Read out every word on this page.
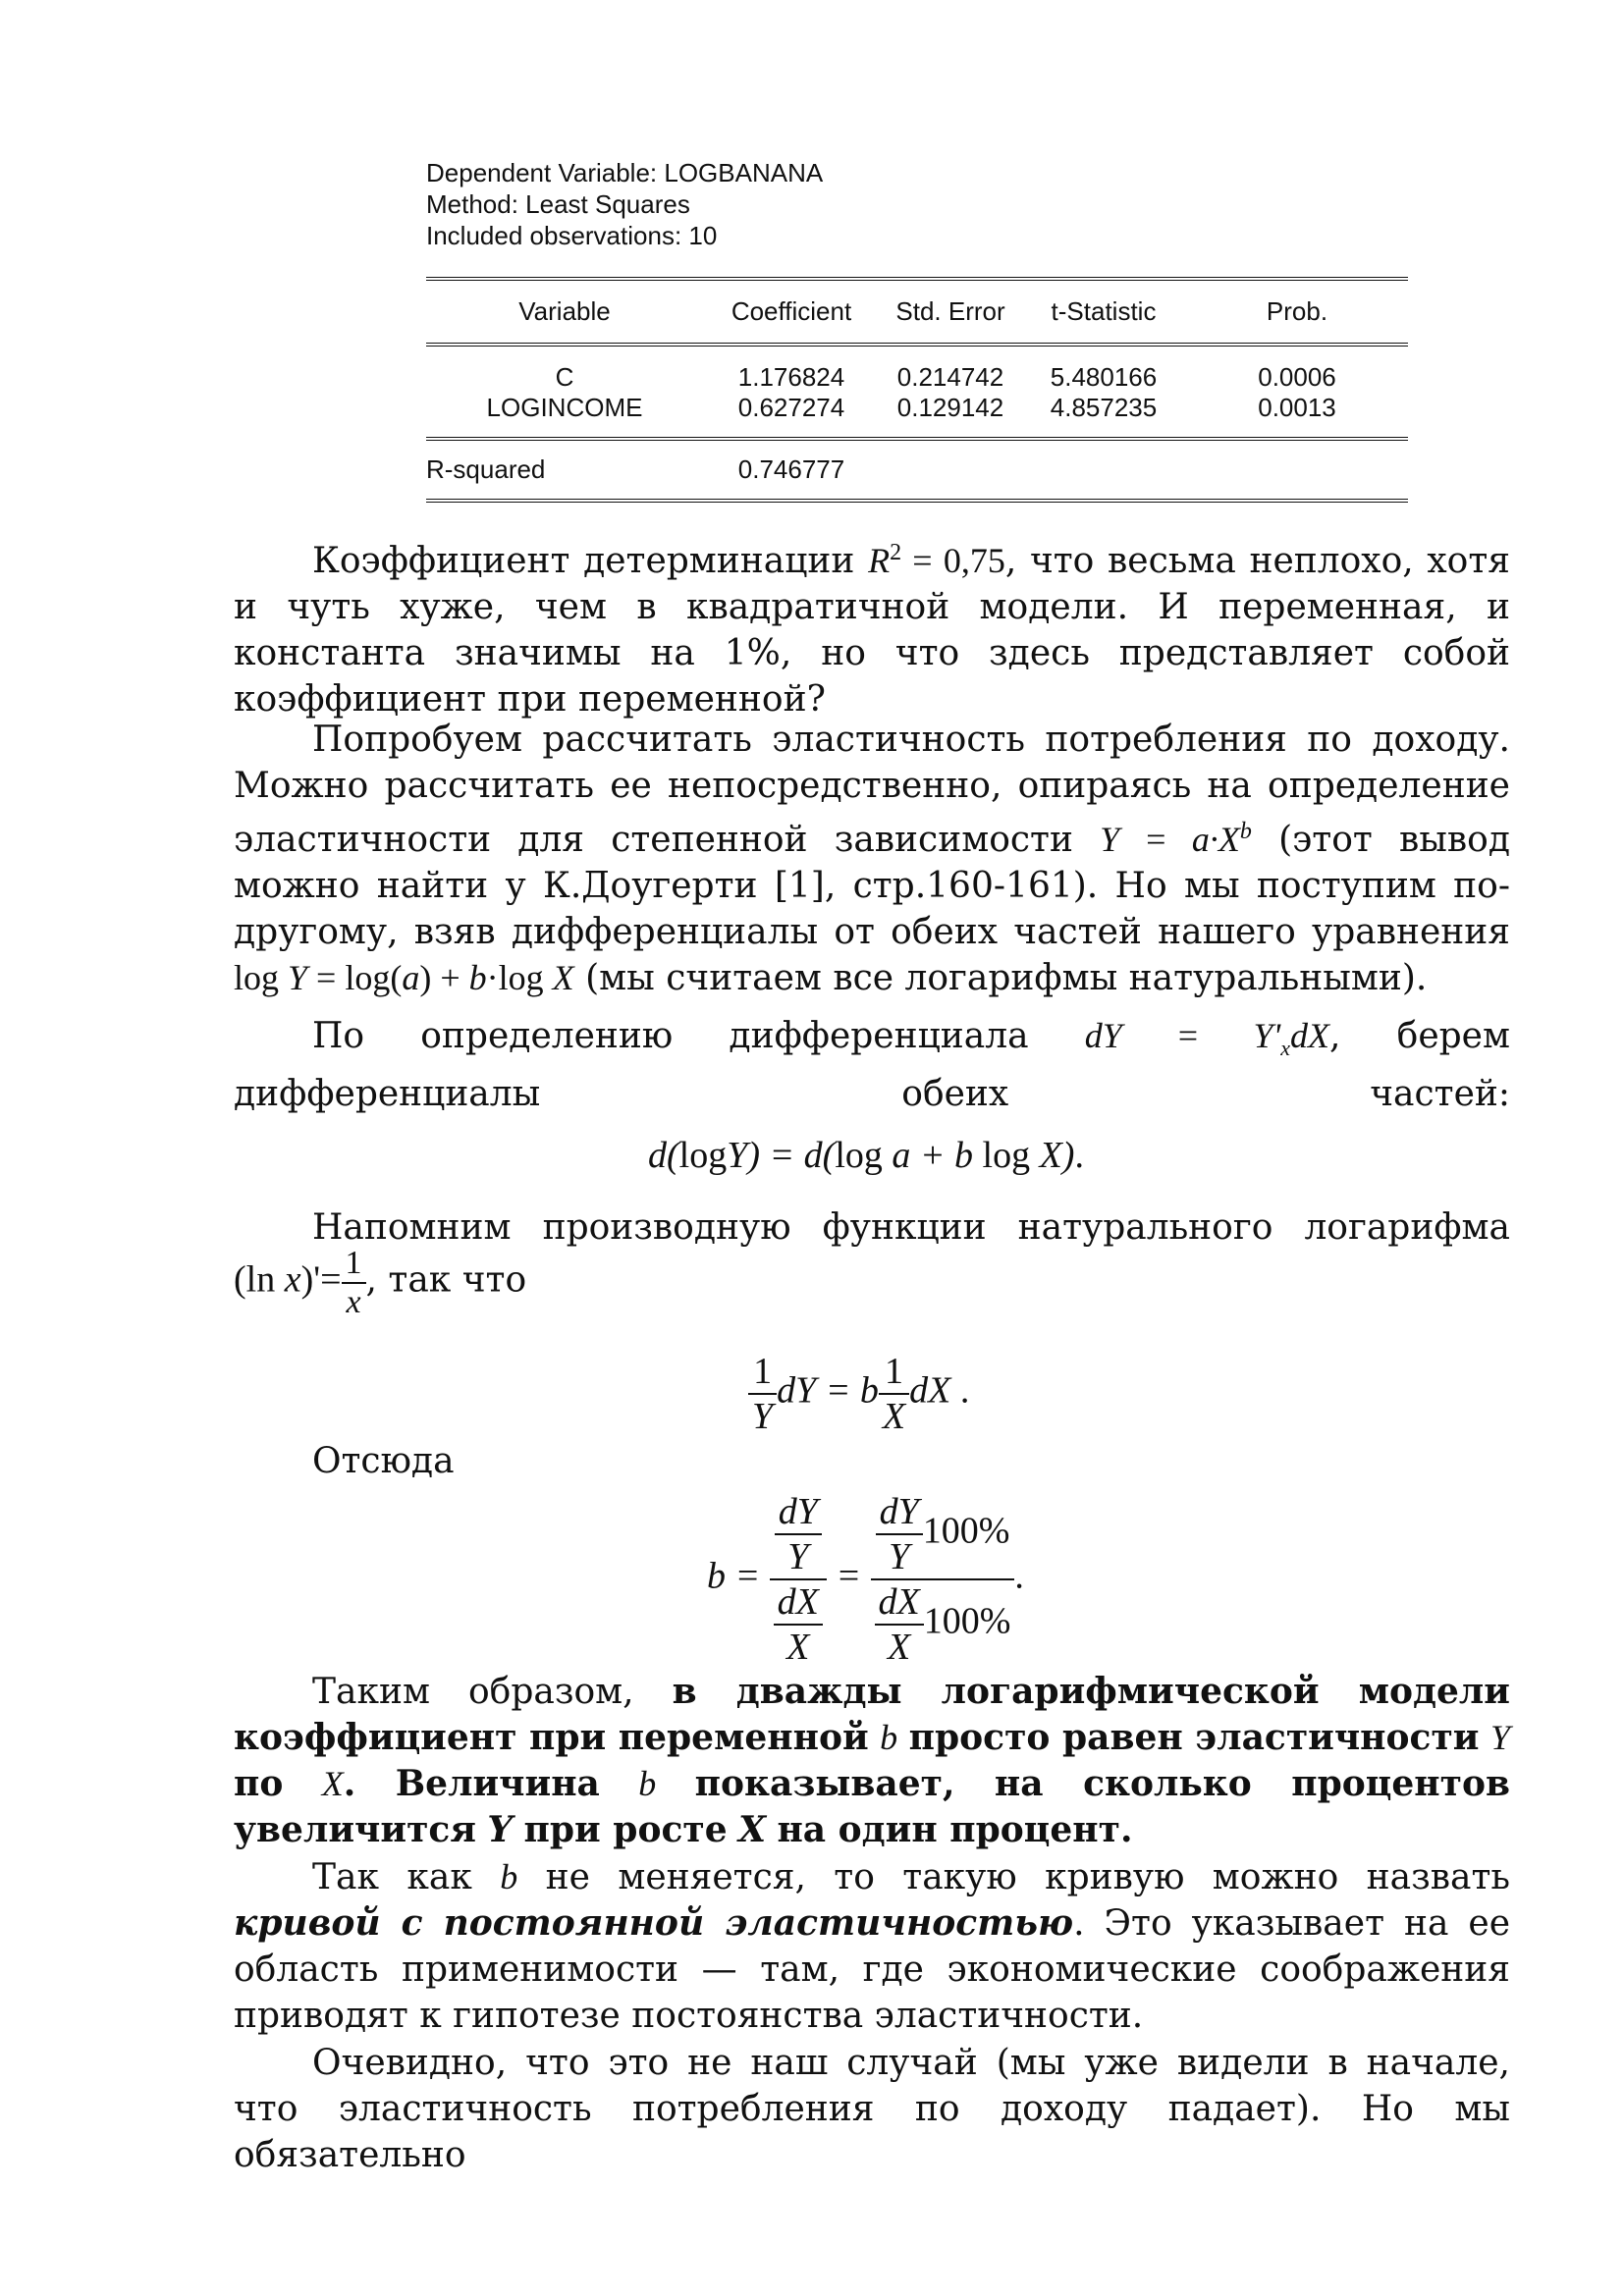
Dependent Variable: LOGBANANA
Method: Least Squares
Included observations: 10
Variable	Coefficient	Std. Error	t-Statistic	Prob.
C	1.176824	0.214742	5.480166	0.0006
LOGINCOME	0.627274	0.129142	4.857235	0.0013
R-squared	0.746777			

Коэффициент детерминации $R^2 = 0,75$, что весьма неплохо, хотя и чуть хуже, чем в квадратичной модели. И переменная, и константа значимы на 1%, но что здесь представляет собой коэффициент при переменной?

Попробуем рассчитать эластичность потребления по доходу. Можно рассчитать ее непосредственно, опираясь на определение эластичности для степенной зависимости $Y = a\cdot X^b$ (этот вывод можно найти у К.Доугерти [1], стр.160-161). Но мы поступим по-другому, взяв дифференциалы от обеих частей нашего уравнения log Y = log(a) + b·log X (мы считаем все логарифмы натуральными).

По определению дифференциала dY = $Y'_xdX$, берем дифференциалы обеих частей:

d(logY) = d(log a + b log X).

Напомним производную функции натурального логарифма

(ln $x)'= \frac{1}{x}$ , так что
$\frac{1}{Y}$ dY = b $\frac{1}{X}$ dX .

Отсюда

$b = \frac{\frac{dY}{Y}}{\frac{dX}{X}} = \frac{\frac{dY}{Y} 100\%}{\frac{dX}{X} 100\%}$ .

Таким образом, в дважды логарифмической модели коэффициент при переменной b просто равен эластичности Y по X. Величина b показывает, на сколько процентов увеличится Y при росте X на один процент.

Так как b не меняется, то такую кривую можно назвать кривой с постоянной эластичностью. Это указывает на ее область применимости — там, где экономические соображения приводят к гипотезе постоянства эластичности.

Очевидно, что это не наш случай (мы уже видели в начале, что эластичность потребления по доходу падает). Но мы обязательно
